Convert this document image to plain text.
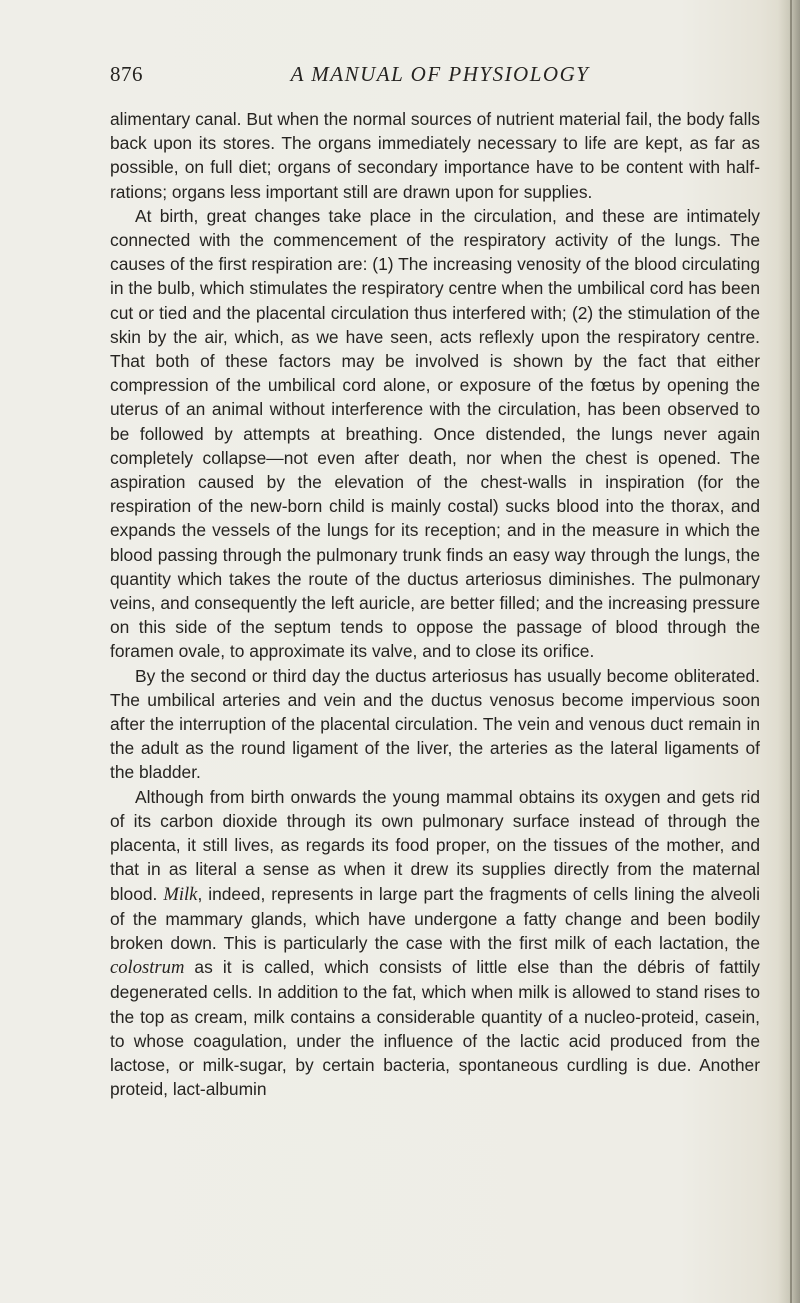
876	A MANUAL OF PHYSIOLOGY

alimentary canal. But when the normal sources of nutrient material fail, the body falls back upon its stores. The organs immediately necessary to life are kept, as far as possible, on full diet; organs of secondary importance have to be content with half-rations; organs less important still are drawn upon for supplies.

At birth, great changes take place in the circulation, and these are intimately connected with the commencement of the respiratory activity of the lungs. The causes of the first respiration are: (1) The increasing venosity of the blood circulating in the bulb, which stimulates the respiratory centre when the umbilical cord has been cut or tied and the placental circulation thus interfered with; (2) the stimulation of the skin by the air, which, as we have seen, acts reflexly upon the respiratory centre. That both of these factors may be involved is shown by the fact that either compression of the umbilical cord alone, or exposure of the fœtus by opening the uterus of an animal without interference with the circulation, has been observed to be followed by attempts at breathing. Once distended, the lungs never again completely collapse—not even after death, nor when the chest is opened. The aspiration caused by the elevation of the chest-walls in inspiration (for the respiration of the new-born child is mainly costal) sucks blood into the thorax, and expands the vessels of the lungs for its reception; and in the measure in which the blood passing through the pulmonary trunk finds an easy way through the lungs, the quantity which takes the route of the ductus arteriosus diminishes. The pulmonary veins, and consequently the left auricle, are better filled; and the increasing pressure on this side of the septum tends to oppose the passage of blood through the foramen ovale, to approximate its valve, and to close its orifice.

By the second or third day the ductus arteriosus has usually become obliterated. The umbilical arteries and vein and the ductus venosus become impervious soon after the interruption of the placental circulation. The vein and venous duct remain in the adult as the round ligament of the liver, the arteries as the lateral ligaments of the bladder.

Although from birth onwards the young mammal obtains its oxygen and gets rid of its carbon dioxide through its own pulmonary surface instead of through the placenta, it still lives, as regards its food proper, on the tissues of the mother, and that in as literal a sense as when it drew its supplies directly from the maternal blood. Milk, indeed, represents in large part the fragments of cells lining the alveoli of the mammary glands, which have undergone a fatty change and been bodily broken down. This is particularly the case with the first milk of each lactation, the colostrum as it is called, which consists of little else than the débris of fattily degenerated cells. In addition to the fat, which when milk is allowed to stand rises to the top as cream, milk contains a considerable quantity of a nucleo-proteid, casein, to whose coagulation, under the influence of the lactic acid produced from the lactose, or milk-sugar, by certain bacteria, spontaneous curdling is due. Another proteid, lact-albumin
